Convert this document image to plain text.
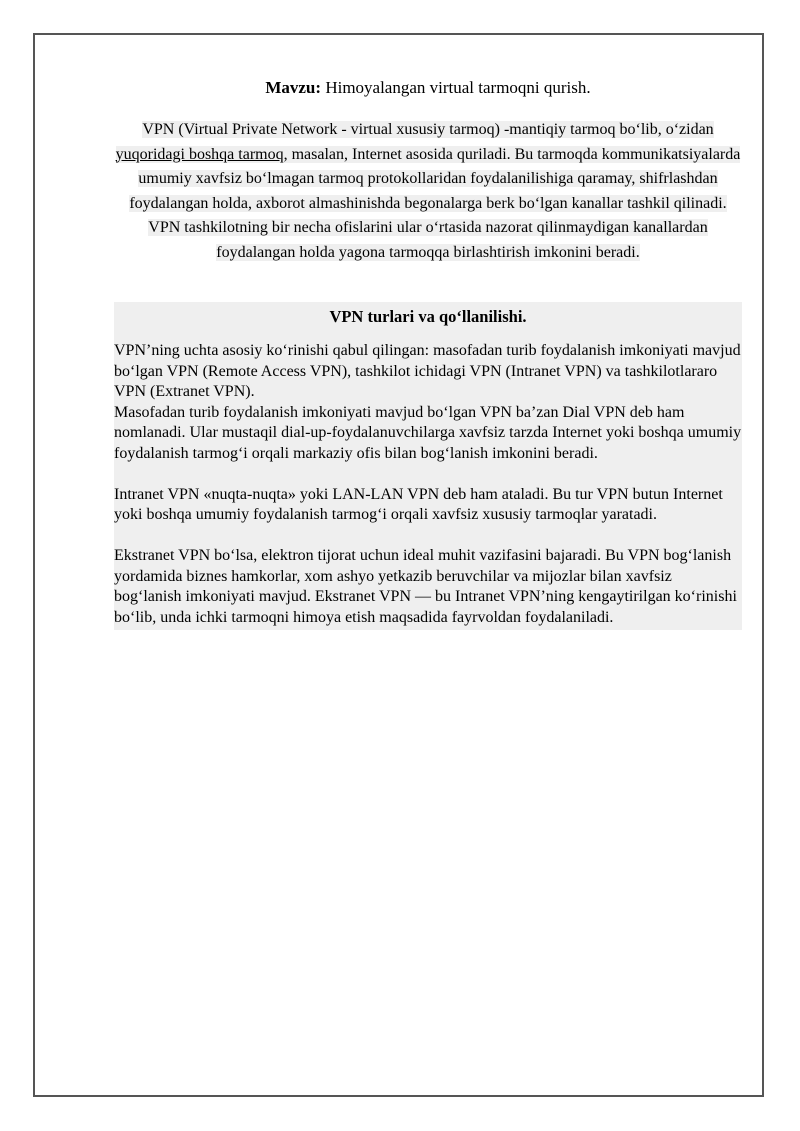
Mavzu: Himoyalangan virtual tarmoqni qurish.
VPN (Virtual Private Network - virtual xususiy tarmoq) -mantiqiy tarmoq bo‘lib, o‘zidan yuqoridagi boshqa tarmoq, masalan, Internet asosida quriladi. Bu tarmoqda kommunikatsiyalarda umumiy xavfsiz bo‘lmagan tarmoq protokollaridan foydalanilishiga qaramay, shifrlashdan foydalangan holda, axborot almashinishda begonalarga berk bo‘lgan kanallar tashkil qilinadi. VPN tashkilotning bir necha ofislarini ular o‘rtasida nazorat qilinmaydigan kanallardan foydalangan holda yagona tarmoqqa birlashtirish imkonini beradi.
VPN turlari va qo‘llanilishi.

VPN’ning uchta asosiy ko‘rinishi qabul qilingan: masofadan turib foydalanish imkoniyati mavjud bo‘lgan VPN (Remote Access VPN), tashkilot ichidagi VPN (Intranet VPN) va tashkilotlararo VPN (Extranet VPN).

Masofadan turib foydalanish imkoniyati mavjud bo‘lgan VPN ba’zan Dial VPN deb ham nomlanadi. Ular mustaqil dial-up-foydalanuvchilarga xavfsiz tarzda Internet yoki boshqa umumiy foydalanish tarmog‘i orqali markaziy ofis bilan bog‘lanish imkonini beradi.

Intranet VPN «nuqta-nuqta» yoki LAN-LAN VPN deb ham ataladi. Bu tur VPN butun Internet yoki boshqa umumiy foydalanish tarmog‘i orqali xavfsiz xususiy tarmoqlar yaratadi.

Ekstranet VPN bo‘lsa, elektron tijorat uchun ideal muhit vazifasini bajaradi. Bu VPN bog‘lanish yordamida biznes hamkorlar, xom ashyo yetkazib beruvchilar va mijozlar bilan xavfsiz bog‘lanish imkoniyati mavjud. Ekstranet VPN — bu Intranet VPN’ning kengaytirilgan ko‘rinishi bo‘lib, unda ichki tarmoqni himoya etish maqsadida fayrvoldan foydalaniladi.
